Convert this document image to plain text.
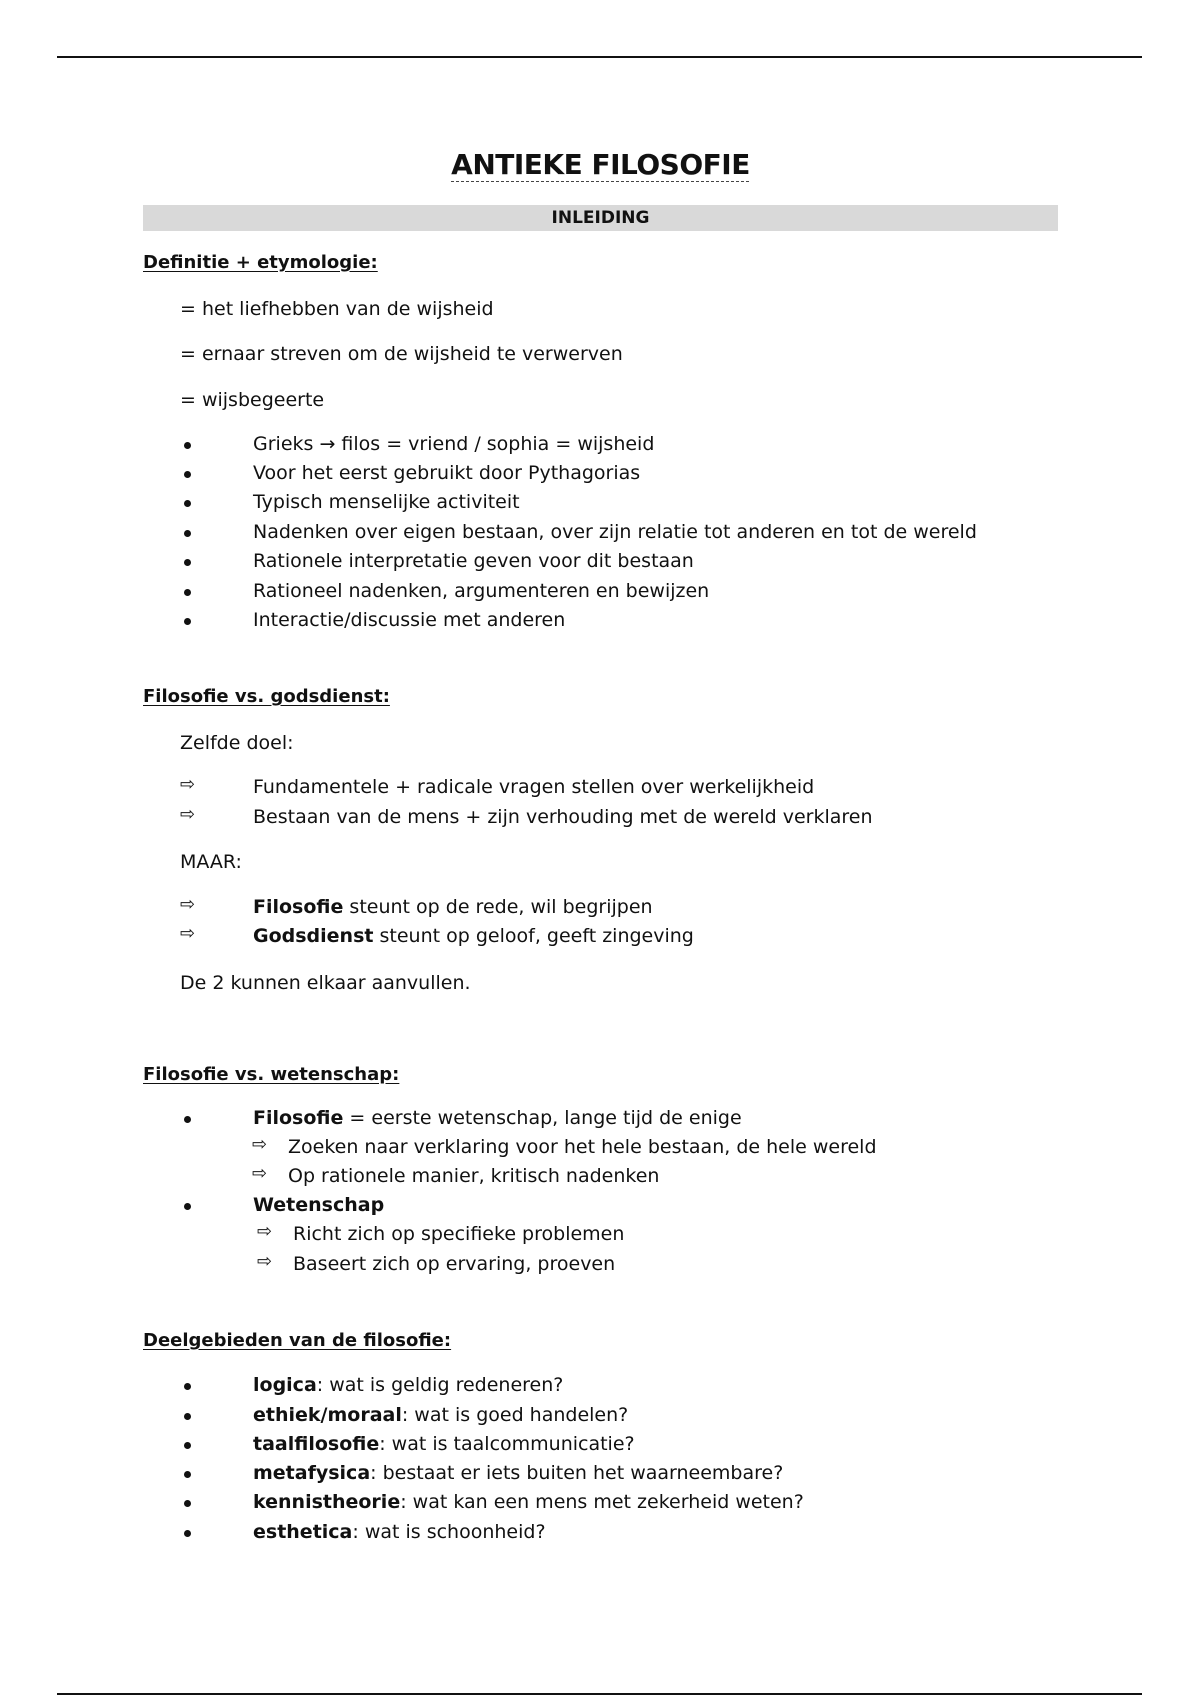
ANTIEKE FILOSOFIE
INLEIDING
Definitie + etymologie:
= het liefhebben van de wijsheid
= ernaar streven om de wijsheid te verwerven
= wijsbegeerte
Grieks → filos = vriend / sophia = wijsheid
Voor het eerst gebruikt door Pythagorias
Typisch menselijke activiteit
Nadenken over eigen bestaan, over zijn relatie tot anderen en tot de wereld
Rationele interpretatie geven voor dit bestaan
Rationeel nadenken, argumenteren en bewijzen
Interactie/discussie met anderen
Filosofie vs. godsdienst:
Zelfde doel:
⇨	Fundamentele + radicale vragen stellen over werkelijkheid
⇨	Bestaan van de mens + zijn verhouding met de wereld verklaren
MAAR:
⇨	Filosofie steunt op de rede, wil begrijpen
⇨	Godsdienst steunt op geloof, geeft zingeving
De 2 kunnen elkaar aanvullen.
Filosofie vs. wetenschap:
Filosofie = eerste wetenschap, lange tijd de enige
⇨	Zoeken naar verklaring voor het hele bestaan, de hele wereld
⇨	Op rationele manier, kritisch nadenken
Wetenschap
⇨	Richt zich op specifieke problemen
⇨	Baseert zich op ervaring, proeven
Deelgebieden van de filosofie:
logica: wat is geldig redeneren?
ethiek/moraal: wat is goed handelen?
taalfilosofie: wat is taalcommunicatie?
metafysica: bestaat er iets buiten het waarneembare?
kennistheorie: wat kan een mens met zekerheid weten?
esthetica: wat is schoonheid?
